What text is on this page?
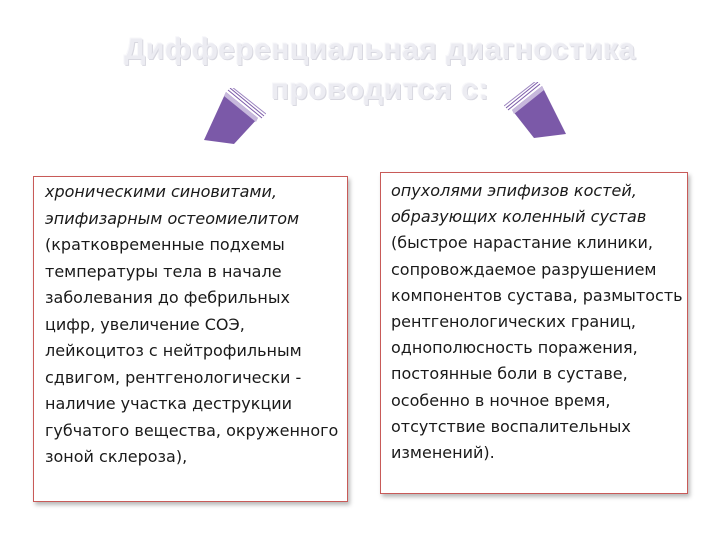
Дифференциальная диагностика
проводится с:

хроническими синовитами, эпифизарным остеомиелитом (кратковременные подхемы температуры тела в начале заболевания до фебрильных цифр, увеличение СОЭ, лейкоцитоз с нейтрофильным сдвигом, рентгенологически - наличие участка деструкции губчатого вещества, окруженного зоной склероза),

опухолями эпифизов костей, образующих коленный сустав (быстрое нарастание клиники, сопровождаемое разрушением компонентов сустава, размытость рентгенологических границ, однополюсность поражения, постоянные боли в суставе, особенно в ночное время, отсутствие воспалительных изменений).
